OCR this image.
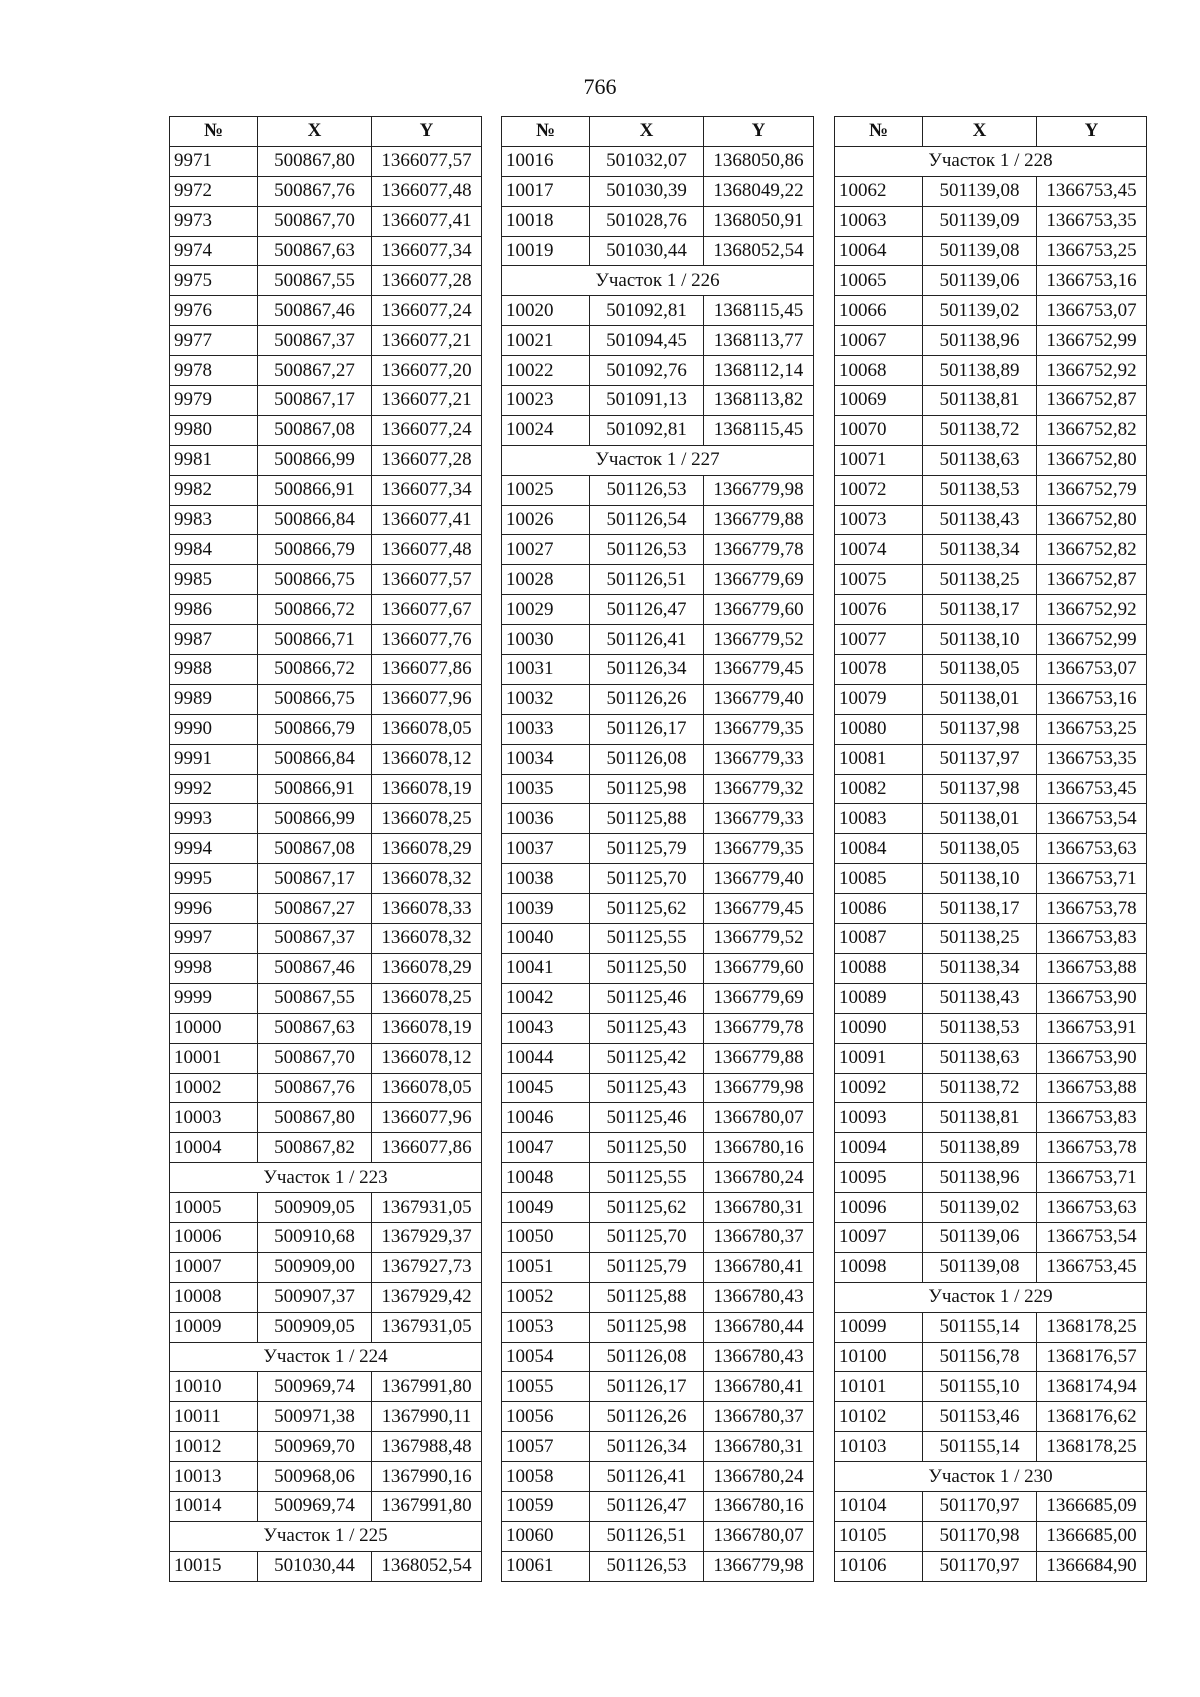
766
№	X	Y
9971	500867,80	1366077,57
9972	500867,76	1366077,48
9973	500867,70	1366077,41
9974	500867,63	1366077,34
9975	500867,55	1366077,28
9976	500867,46	1366077,24
9977	500867,37	1366077,21
9978	500867,27	1366077,20
9979	500867,17	1366077,21
9980	500867,08	1366077,24
9981	500866,99	1366077,28
9982	500866,91	1366077,34
9983	500866,84	1366077,41
9984	500866,79	1366077,48
9985	500866,75	1366077,57
9986	500866,72	1366077,67
9987	500866,71	1366077,76
9988	500866,72	1366077,86
9989	500866,75	1366077,96
9990	500866,79	1366078,05
9991	500866,84	1366078,12
9992	500866,91	1366078,19
9993	500866,99	1366078,25
9994	500867,08	1366078,29
9995	500867,17	1366078,32
9996	500867,27	1366078,33
9997	500867,37	1366078,32
9998	500867,46	1366078,29
9999	500867,55	1366078,25
10000	500867,63	1366078,19
10001	500867,70	1366078,12
10002	500867,76	1366078,05
10003	500867,80	1366077,96
10004	500867,82	1366077,86
Участок 1 / 223		
10005	500909,05	1367931,05
10006	500910,68	1367929,37
10007	500909,00	1367927,73
10008	500907,37	1367929,42
10009	500909,05	1367931,05
Участок 1 / 224		
10010	500969,74	1367991,80
10011	500971,38	1367990,11
10012	500969,70	1367988,48
10013	500968,06	1367990,16
10014	500969,74	1367991,80
Участок 1 / 225		
10015	501030,44	1368052,54
№	X	Y
10016	501032,07	1368050,86
10017	501030,39	1368049,22
10018	501028,76	1368050,91
10019	501030,44	1368052,54
Участок 1 / 226		
10020	501092,81	1368115,45
10021	501094,45	1368113,77
10022	501092,76	1368112,14
10023	501091,13	1368113,82
10024	501092,81	1368115,45
Участок 1 / 227		
10025	501126,53	1366779,98
10026	501126,54	1366779,88
10027	501126,53	1366779,78
10028	501126,51	1366779,69
10029	501126,47	1366779,60
10030	501126,41	1366779,52
10031	501126,34	1366779,45
10032	501126,26	1366779,40
10033	501126,17	1366779,35
10034	501126,08	1366779,33
10035	501125,98	1366779,32
10036	501125,88	1366779,33
10037	501125,79	1366779,35
10038	501125,70	1366779,40
10039	501125,62	1366779,45
10040	501125,55	1366779,52
10041	501125,50	1366779,60
10042	501125,46	1366779,69
10043	501125,43	1366779,78
10044	501125,42	1366779,88
10045	501125,43	1366779,98
10046	501125,46	1366780,07
10047	501125,50	1366780,16
10048	501125,55	1366780,24
10049	501125,62	1366780,31
10050	501125,70	1366780,37
10051	501125,79	1366780,41
10052	501125,88	1366780,43
10053	501125,98	1366780,44
10054	501126,08	1366780,43
10055	501126,17	1366780,41
10056	501126,26	1366780,37
10057	501126,34	1366780,31
10058	501126,41	1366780,24
10059	501126,47	1366780,16
10060	501126,51	1366780,07
10061	501126,53	1366779,98
№	X	Y
Участок 1 / 228		
10062	501139,08	1366753,45
10063	501139,09	1366753,35
10064	501139,08	1366753,25
10065	501139,06	1366753,16
10066	501139,02	1366753,07
10067	501138,96	1366752,99
10068	501138,89	1366752,92
10069	501138,81	1366752,87
10070	501138,72	1366752,82
10071	501138,63	1366752,80
10072	501138,53	1366752,79
10073	501138,43	1366752,80
10074	501138,34	1366752,82
10075	501138,25	1366752,87
10076	501138,17	1366752,92
10077	501138,10	1366752,99
10078	501138,05	1366753,07
10079	501138,01	1366753,16
10080	501137,98	1366753,25
10081	501137,97	1366753,35
10082	501137,98	1366753,45
10083	501138,01	1366753,54
10084	501138,05	1366753,63
10085	501138,10	1366753,71
10086	501138,17	1366753,78
10087	501138,25	1366753,83
10088	501138,34	1366753,88
10089	501138,43	1366753,90
10090	501138,53	1366753,91
10091	501138,63	1366753,90
10092	501138,72	1366753,88
10093	501138,81	1366753,83
10094	501138,89	1366753,78
10095	501138,96	1366753,71
10096	501139,02	1366753,63
10097	501139,06	1366753,54
10098	501139,08	1366753,45
Участок 1 / 229		
10099	501155,14	1368178,25
10100	501156,78	1368176,57
10101	501155,10	1368174,94
10102	501153,46	1368176,62
10103	501155,14	1368178,25
Участок 1 / 230		
10104	501170,97	1366685,09
10105	501170,98	1366685,00
10106	501170,97	1366684,90
